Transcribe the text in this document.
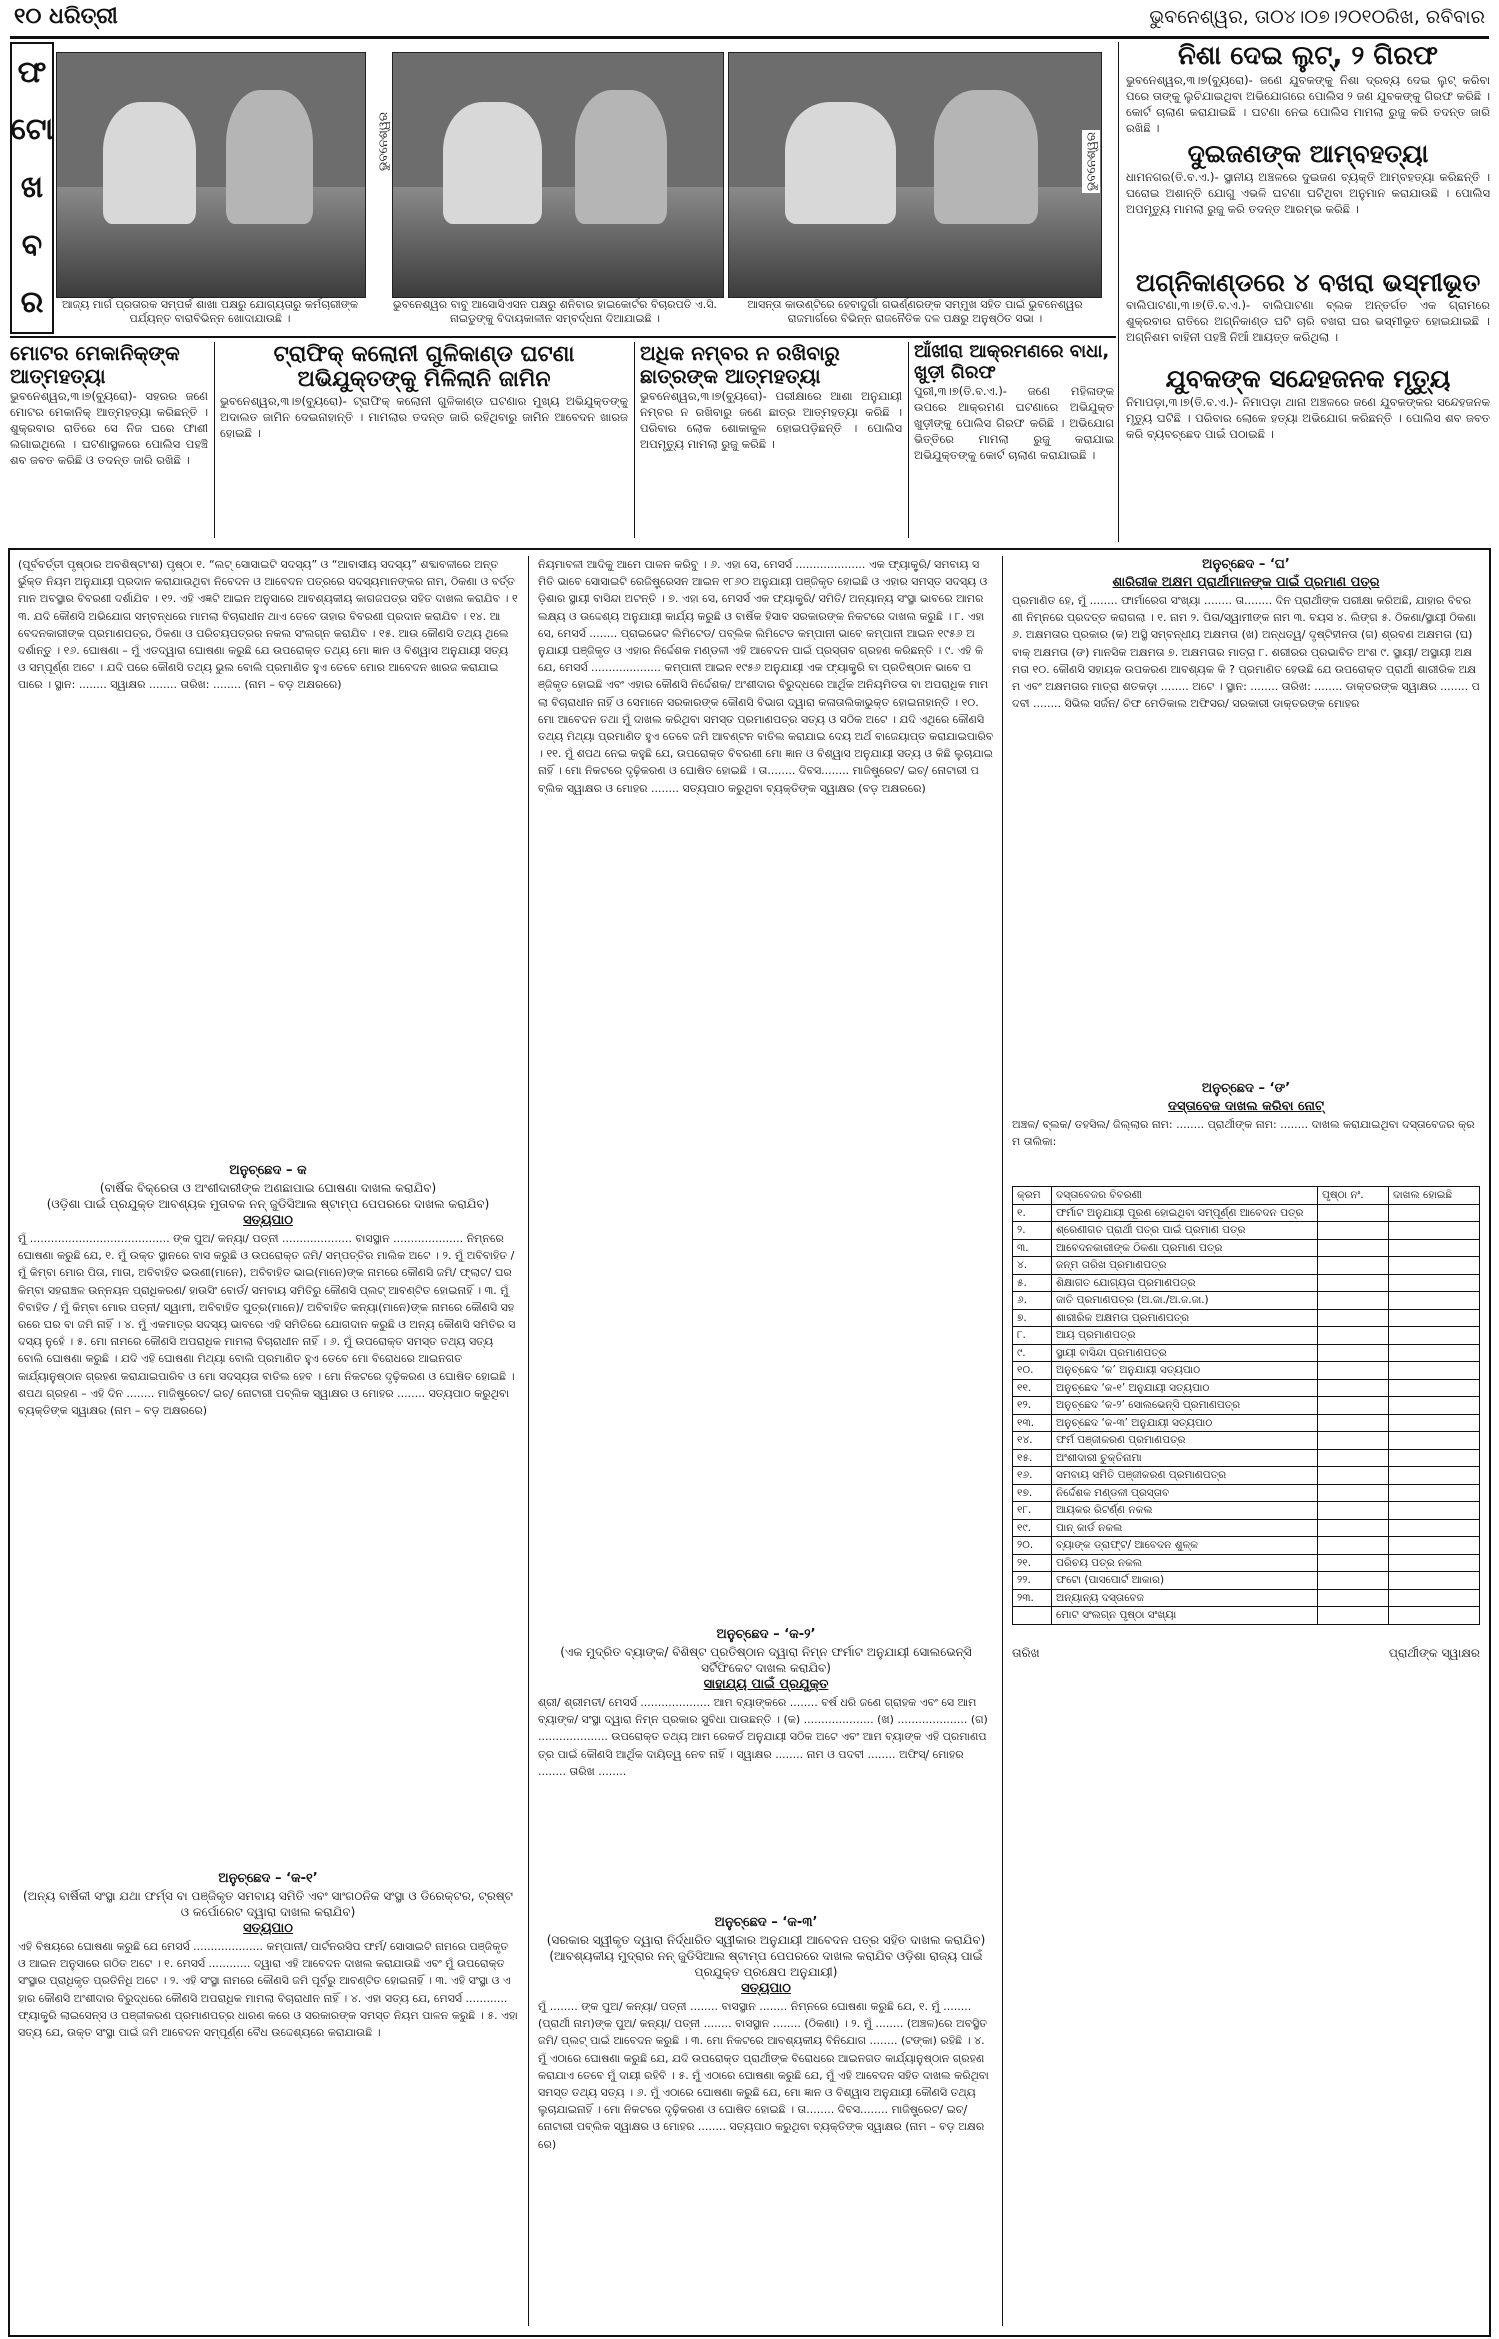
୧୦ ଧରିତ୍ରୀ	ଭୁବନେଶ୍ୱର, ତା୦୪।୦୭।୨୦୧୦ରିଖ, ରବିବାର
ଫ
ଟୋ
ଖ
ବ
ର	ଆଜ୍ୟ ମାର୍ଗ ପ୍ରତାରକ ସମ୍ପର୍କ ଶାଖା ପକ୍ଷରୁ ଯୋଗ୍ୟତାରୁ କର୍ମଚାରୀଙ୍କ ପର୍ଯ୍ୟନ୍ତ ବାରାବିଭିନ୍ନ ଖୋଦାଯାଉଛି ।
ଭୁବନେଶ୍ୱର
ଭୁବନେଶ୍ୱର ବାବୁ ଆସୋସିଏସନ ପକ୍ଷରୁ ଶନିବାର ହାଇକୋର୍ଟର ବିଚାରପତି ଏ.ସି. ନାଇଡୁଙ୍କୁ ବିଦାୟକାଳୀନ ସମ୍ବର୍ଦ୍ଧନା ଦିଆଯାଇଛି ।
ଭୁବନେଶ୍ୱର
ଆସନ୍ତା କାଉଣ୍ଟିରେ ହେବାଦୁର୍ଗା ଗଭର୍ଣ୍ଣରଙ୍କ ସମ୍ମୁଖ ସହିତ ପାଇଁ ଭୁବନେଶ୍ୱର ରାଜମାର୍ଗରେ ବିଭିନ୍ନ ରାଜନୈତିକ ଦଳ ପକ୍ଷରୁ ଅନୁଷ୍ଠିତ ସଭା ।
ନିଶା ଦେଇ ଲୁଟ୍‌, ୨ ଗିରଫ
ଭୁବନେଶ୍ୱର,୩।୭(ବ୍ୟୁରୋ)- ଜଣେ ଯୁବକଙ୍କୁ ନିଶା ଦ୍ରବ୍ୟ ଦେଇ ଲୁଟ୍‌ କରିବା ପରେ ତାଙ୍କୁ ଲୁଚିଯାଇଥିବା ଅଭିଯୋଗରେ ପୋଲିସ ୨ ଜଣ ଯୁବକଙ୍କୁ ଗିରଫ କରିଛି । କୋର୍ଟ ଚାଲାଣ କରାଯାଇଛି । ଘଟଣା ନେଇ ପୋଲିସ ମାମଲା ରୁଜୁ କରି ତଦନ୍ତ ଜାରି ରଖିଛି ।
ଦୁଇଜଣଙ୍କ ଆମ୍ବହତ୍ୟା
ଧାମନଗର(ତି.ବ.ଏ.)- ସ୍ଥାନୀୟ ଅଞ୍ଚଳରେ ଦୁଇଜଣ ବ୍ୟକ୍ତି ଆମ୍ବହତ୍ୟା କରିଛନ୍ତି । ଘରୋଇ ଅଶାନ୍ତି ଯୋଗୁ ଏଭଳି ଘଟଣା ଘଟିଥିବା ଅନୁମାନ କରାଯାଉଛି । ପୋଲିସ ଅପମୃତ୍ୟୁ ମାମଲା ରୁଜୁ କରି ତଦନ୍ତ ଆରମ୍ଭ କରିଛି ।
ଅଗ୍ନିକାଣ୍ଡରେ ୪ ବଖରା ଭସ୍ମୀଭୂତ
ବାଲିପାଟଣା,୩।୭(ତି.ବ.ଏ.)- ବାଲିପାଟଣା ବ୍ଲକ ଅନ୍ତର୍ଗତ ଏକ ଗ୍ରାମରେ ଶୁକ୍ରବାର ରାତିରେ ଅଗ୍ନିକାଣ୍ଡ ଘଟି ଚାରି ବଖରା ଘର ଭସ୍ମୀଭୂତ ହୋଇଯାଇଛି । ଅଗ୍ନିଶମ ବାହିନୀ ପହଞ୍ଚି ନିଆଁ ଆୟତ୍ତ କରିଥିଲା ।
ଯୁବକଙ୍କ ସନ୍ଦେହଜନକ ମୃତ୍ୟୁ
ନିମାପଡ଼ା,୩।୭(ତି.ବ.ଏ.)- ନିମାପଡ଼ା ଥାନା ଅଞ୍ଚଳରେ ଜଣେ ଯୁବକଙ୍କର ସନ୍ଦେହଜନକ ମୃତ୍ୟୁ ଘଟିଛି । ପରିବାର ଲୋକେ ହତ୍ୟା ଅଭିଯୋଗ କରିଛନ୍ତି । ପୋଲିସ ଶବ ଜବତ କରି ବ୍ୟବଚ୍ଛେଦ ପାଇଁ ପଠାଇଛି ।
ମୋଟର ମେକାନିକ୍‌ଙ୍କ ଆତ୍ମହତ୍ୟା
ଭୁବନେଶ୍ୱର,୩।୭(ବ୍ୟୁରୋ)- ସହରର ଜଣେ ମୋଟର ମେକାନିକ୍‌ ଆତ୍ମହତ୍ୟା କରିଛନ୍ତି । ଶୁକ୍ରବାର ରାତିରେ ସେ ନିଜ ଘରେ ଫାଶୀ ଲଗାଇଥିଲେ । ଘଟଣାସ୍ଥଳରେ ପୋଲିସ ପହଞ୍ଚି ଶବ ଜବତ କରିଛି ଓ ତଦନ୍ତ ଜାରି ରଖିଛି ।
ଟ୍ରାଫିକ୍‌ କଲୋନୀ ଗୁଳିକାଣ୍ଡ ଘଟଣା ଅଭିଯୁକ୍ତଙ୍କୁ ମିଳିଲାନି ଜାମିନ
ଭୁବନେଶ୍ୱର,୩।୭(ବ୍ୟୁରୋ)- ଟ୍ରାଫିକ୍‌ କଲୋନୀ ଗୁଳିକାଣ୍ଡ ଘଟଣାର ମୁଖ୍ୟ ଅଭିଯୁକ୍ତଙ୍କୁ ଅଦାଲତ ଜାମିନ ଦେଇନାହାନ୍ତି । ମାମଲାର ତଦନ୍ତ ଜାରି ରହିଥିବାରୁ ଜାମିନ ଆବେଦନ ଖାରଜ ହୋଇଛି ।
ଅଧିକ ନମ୍ବର ନ ରଖିବାରୁ ଛାତ୍ରଙ୍କ ଆତ୍ମହତ୍ୟା
ଭୁବନେଶ୍ୱର,୩।୭(ବ୍ୟୁରୋ)- ପରୀକ୍ଷାରେ ଆଶା ଅନୁଯାୟୀ ନମ୍ବର ନ ରଖିବାରୁ ଜଣେ ଛାତ୍ର ଆତ୍ମହତ୍ୟା କରିଛି । ପରିବାର ଲୋକ ଶୋକାକୁଳ ହୋଇପଡ଼ିଛନ୍ତି । ପୋଲିସ ଅପମୃତ୍ୟୁ ମାମଲା ରୁଜୁ କରିଛି ।
ଆଁଖୀରା ଆକ୍ରମଣରେ ବାଧା, ଖୁଡ଼ୀ ଗିରଫ
ପୁରୀ,୩।୭(ତି.ବ.ଏ.)- ଜଣେ ମହିଳାଙ୍କ ଉପରେ ଆକ୍ରମଣ ଘଟଣାରେ ଅଭିଯୁକ୍ତ ଖୁଡ଼ୀଙ୍କୁ ପୋଲିସ ଗିରଫ କରିଛି । ଅଭିଯୋଗ ଭିତ୍ତିରେ ମାମଲା ରୁଜୁ କରାଯାଇ ଅଭିଯୁକ୍ତଙ୍କୁ କୋର୍ଟ ଚାଲାଣ କରାଯାଇଛି ।
(ପୂର୍ବବର୍ତ୍ତୀ ପୃଷ୍ଠାର ଅବଶିଷ୍ଟାଂଶ) ପୃଷ୍ଠା ୧. “ଲଟ୍‌ ସୋସାଇଟି ସଦସ୍ୟ” ଓ “ଆବାସୀୟ ସଦସ୍ୟ” ଶବ୍ଦାବଳୀରେ ଅନ୍ତର୍ଭୁକ୍ତ ନିୟମ ଅନୁଯାୟୀ ପ୍ରଦାନ କରାଯାଉଥିବା ନିବେଦନ ଓ ଆବେଦନ ପତ୍ରରେ ସଦସ୍ୟମାନଙ୍କର ନାମ, ଠିକଣା ଓ ବର୍ତ୍ତମାନ ଅବସ୍ଥାର ବିବରଣୀ ଦର୍ଶାଯିବ । ୧୨. ଏହି ଏଜ୍ଞଟି ଆଇନ ଅନୁସାରେ ଆବଶ୍ୟକୀୟ କାଗଜପତ୍ର ସହିତ ଦାଖଲ କରାଯିବ । ୧୩. ଯଦି କୌଣସି ଅଭିଯୋଗ ସମ୍ବନ୍ଧରେ ମାମଲା ବିଚାରାଧୀନ ଥାଏ ତେବେ ତାହାର ବିବରଣୀ ପ୍ରଦାନ କରାଯିବ । ୧୪. ଆବେଦନକାରୀଙ୍କ ପ୍ରମାଣପତ୍ର, ଠିକଣା ଓ ପରିଚୟପତ୍ରର ନକଲ ସଂଲଗ୍ନ କରାଯିବ । ୧୫. ଆଉ କୌଣସି ତଥ୍ୟ ଥିଲେ ଦର୍ଶାନ୍ତୁ । ୧୬. ଘୋଷଣା – ମୁଁ ଏତଦ୍ୱାରା ଘୋଷଣା କରୁଛି ଯେ ଉପରୋକ୍ତ ତଥ୍ୟ ମୋ ଜ୍ଞାନ ଓ ବିଶ୍ୱାସ ଅନୁଯାୟୀ ସତ୍ୟ ଓ ସମ୍ପୂର୍ଣ୍ଣ ଅଟେ । ଯଦି ପରେ କୌଣସି ତଥ୍ୟ ଭୁଲ ବୋଲି ପ୍ରମାଣିତ ହୁଏ ତେବେ ମୋର ଆବେଦନ ଖାରଜ କରାଯାଇପାରେ । ସ୍ଥାନ: ........ ସ୍ୱାକ୍ଷର ........ ତାରିଖ: ........ (ନାମ – ବଡ଼ ଅକ୍ଷରରେ)
ଅନୁଚ୍ଛେଦ – କ
(ବାର୍ଷିକ ବିକ୍ରେତା ଓ ଅଂଶୀଦାରୀଙ୍କ ଅଣଛାପାଇ ଘୋଷଣା ଦାଖଲ କରାଯିବ)
(ଓଡ଼ିଶା ପାଇଁ ପ୍ରଯୁକ୍ତ ଆବଶ୍ୟକ ମୁତାବକ ନନ୍‌ ଜୁଡିସିଆଲ ଷ୍ଟାମ୍ପ ପେପରରେ ଦାଖଲ କରାଯିବ)
ସତ୍ୟପାଠ
ମୁଁ ........................................ ଙ୍କ ପୁଅ/ କନ୍ୟା/ ପତ୍ନୀ .................... ବାସସ୍ଥାନ .................... ନିମ୍ନରେ ଘୋଷଣା କରୁଛି ଯେ, ୧. ମୁଁ ଉକ୍ତ ସ୍ଥାନରେ ବାସ କରୁଛି ଓ ଉପରୋକ୍ତ ଜମି/ ସମ୍ପତ୍ତିର ମାଲିକ ଅଟେ । ୨. ମୁଁ ଅବିବାହିତ / ମୁଁ କିମ୍ବା ମୋର ପିତା, ମାତା, ଅବିବାହିତ ଭଉଣୀ(ମାନେ), ଅବିବାହିତ ଭାଇ(ମାନେ)ଙ୍କ ନାମରେ କୌଣସି ଜମି/ ଫ୍ଲାଟ/ ଘର କିମ୍ବା ସହରାଞ୍ଚଳ ଉନ୍ନୟନ ପ୍ରାଧିକରଣ/ ହାଉସିଂ ବୋର୍ଡ/ ସମବାୟ ସମିତିରୁ କୌଣସି ପ୍ଲଟ୍‌ ଆବଣ୍ଟିତ ହୋଇନାହିଁ । ୩. ମୁଁ ବିବାହିତ / ମୁଁ କିମ୍ବା ମୋର ପତ୍ନୀ/ ସ୍ୱାମୀ, ଅବିବାହିତ ପୁତ୍ର(ମାନେ)/ ଅବିବାହିତ କନ୍ୟା(ମାନେ)ଙ୍କ ନାମରେ କୌଣସି ସହରରେ ଘର ବା ଜମି ନାହିଁ । ୪. ମୁଁ ଏକମାତ୍ର ସଦସ୍ୟ ଭାବରେ ଏହି ସମିତିରେ ଯୋଗଦାନ କରୁଛି ଓ ଅନ୍ୟ କୌଣସି ସମିତିର ସଦସ୍ୟ ନୁହେଁ । ୫. ମୋ ନାମରେ କୌଣସି ଅପରାଧିକ ମାମଲା ବିଚାରାଧୀନ ନାହିଁ । ୬. ମୁଁ ଉପରୋକ୍ତ ସମସ୍ତ ତଥ୍ୟ ସତ୍ୟ ବୋଲି ଘୋଷଣା କରୁଛି । ଯଦି ଏହି ଘୋଷଣା ମିଥ୍ୟା ବୋଲି ପ୍ରମାଣିତ ହୁଏ ତେବେ ମୋ ବିରୋଧରେ ଆଇନଗତ କାର୍ଯ୍ୟାନୁଷ୍ଠାନ ଗ୍ରହଣ କରାଯାଇପାରିବ ଓ ମୋ ସଦସ୍ୟତା ବାତିଲ ହେବ । ମୋ ନିକଟରେ ଦୃଢ଼ିକରଣ ଓ ଘୋଷିତ ହୋଇଛି । ଶପଥ ଗ୍ରହଣ – ଏହି ଦିନ ........ ମାଜିଷ୍ଟ୍ରେଟ/ ଇଚ୍‌/ ନୋଟାରୀ ପବ୍ଲିକ ସ୍ୱାକ୍ଷର ଓ ମୋହର ........ ସତ୍ୟପାଠ କରୁଥିବା ବ୍ୟକ୍ତିଙ୍କ ସ୍ୱାକ୍ଷର (ନାମ – ବଡ଼ ଅକ୍ଷରରେ)
ଅନୁଚ୍ଛେଦ – ‘କ-୧’
(ଅନ୍ୟ ବାର୍ଷିକୀ ସଂସ୍ଥା ଯଥା ଫର୍ମ୍ସ ବା ପଞ୍ଜିକୃତ ସମବାୟ ସମିତି ଏବଂ ସାଂଗଠନିକ ସଂସ୍ଥା ଓ ଡିରେକ୍ଟର, ଟ୍ରଷ୍ଟ ଓ କର୍ପୋରେଟ ଦ୍ୱାରା ଦାଖଲ କରାଯିବ)
ସତ୍ୟପାଠ
ଏହି ବିଷୟରେ ଘୋଷଣା କରୁଛି ଯେ ମେସର୍ସ .................... କମ୍ପାନୀ/ ପାର୍ଟନରସିପ ଫର୍ମ/ ସୋସାଇଟି ନାମରେ ପଞ୍ଜିକୃତ ଓ ଆଇନ ଅନୁସାରେ ଗଠିତ ଅଟେ । ୧. ମେସର୍ସ ............ ଦ୍ୱାରା ଏହି ଆବେଦନ ଦାଖଲ କରାଯାଉଛି ଏବଂ ମୁଁ ଉପରୋକ୍ତ ସଂସ୍ଥାର ପ୍ରାଧିକୃତ ପ୍ରତିନିଧି ଅଟେ । ୨. ଏହି ସଂସ୍ଥା ନାମରେ କୌଣସି ଜମି ପୂର୍ବରୁ ଆବଣ୍ଟିତ ହୋଇନାହିଁ । ୩. ଏହି ସଂସ୍ଥା ଓ ଏହାର କୌଣସି ଅଂଶୀଦାର ବିରୁଦ୍ଧରେ କୌଣସି ଅପରାଧିକ ମାମଲା ବିଚାରାଧୀନ ନାହିଁ । ୪. ଏହା ସତ୍ୟ ଯେ, ମେସର୍ସ ............ ଫ୍ୟାକ୍ଟ୍ରି ଲାଇସେନ୍ସ ଓ ପଞ୍ଜୀକରଣ ପ୍ରମାଣପତ୍ର ଧାରଣ କରେ ଓ ସରକାରଙ୍କ ସମସ୍ତ ନିୟମ ପାଳନ କରୁଛି । ୫. ଏହା ସତ୍ୟ ଯେ, ଉକ୍ତ ସଂସ୍ଥା ପାଇଁ ଜମି ଆବେଦନ ସମ୍ପୂର୍ଣ୍ଣ ବୈଧ ଉଦ୍ଦେଶ୍ୟରେ କରାଯାଉଛି ।
ନିୟମାବଳୀ ଆଦିକୁ ଆମେ ପାଳନ କରିବୁ । ୬. ଏହା ସେ, ମେସର୍ସ .................... ଏକ ଫ୍ୟାକ୍ଟ୍ରି/ ସମବାୟ ସମିତି ଭାବେ ସୋସାଇଟି ରେଜିଷ୍ଟ୍ରେସନ ଆଇନ ୧୮୬୦ ଅନୁଯାୟୀ ପଞ୍ଜିକୃତ ହୋଇଛି ଓ ଏହାର ସମସ୍ତ ସଦସ୍ୟ ଓଡ଼ିଶାର ସ୍ଥାୟୀ ବାସିନ୍ଦା ଅଟନ୍ତି । ୭. ଏହା ସେ, ମେସର୍ସ ଏକ ଫ୍ୟାକ୍ଟ୍ରି/ ସମିତି/ ଅନ୍ୟାନ୍ୟ ସଂସ୍ଥା ଭାବରେ ଆମର ଲକ୍ଷ୍ୟ ଓ ଉଦ୍ଦେଶ୍ୟ ଅନୁଯାୟୀ କାର୍ଯ୍ୟ କରୁଛି ଓ ବାର୍ଷିକ ହିସାବ ସରକାରଙ୍କ ନିକଟରେ ଦାଖଲ କରୁଛି । ୮. ଏହା ସେ, ମେସର୍ସ ........ ପ୍ରାଇଭେଟ ଲିମିଟେଡ/ ପବ୍ଲିକ ଲିମିଟେଡ କମ୍ପାନୀ ଭାବେ କମ୍ପାନୀ ଆଇନ ୧୯୫୬ ଅନୁଯାୟୀ ପଞ୍ଜିକୃତ ଓ ଏହାର ନିର୍ଦ୍ଦେଶକ ମଣ୍ଡଳୀ ଏହି ଆବେଦନ ପାଇଁ ପ୍ରସ୍ତାବ ଗ୍ରହଣ କରିଛନ୍ତି । ୯. ଏହି କି ଯେ, ମେସର୍ସ .................... କମ୍ପାନୀ ଆଇନ ୧୯୫୬ ଅନୁଯାୟୀ ଏକ ଫ୍ୟାକ୍ଟ୍ରି ବା ପ୍ରତିଷ୍ଠାନ ଭାବେ ପଞ୍ଜିକୃତ ହୋଇଛି ଏବଂ ଏହାର କୌଣସି ନିର୍ଦ୍ଦେଶକ/ ଅଂଶୀଦାର ବିରୁଦ୍ଧରେ ଆର୍ଥିକ ଅନିୟମିତତା ବା ଅପରାଧିକ ମାମଲା ବିଚାରାଧୀନ ନାହିଁ ଓ ସେମାନେ ସରକାରଙ୍କ କୌଣସି ବିଭାଗ ଦ୍ୱାରା କଳାତାଲିକାଭୁକ୍ତ ହୋଇନାହାନ୍ତି । ୧୦. ମୋ ଆବେଦନ ତଥା ମୁଁ ଦାଖଲ କରିଥିବା ସମସ୍ତ ପ୍ରମାଣପତ୍ର ସତ୍ୟ ଓ ସଠିକ ଅଟେ । ଯଦି ଏଥିରେ କୌଣସି ତଥ୍ୟ ମିଥ୍ୟା ପ୍ରମାଣିତ ହୁଏ ତେବେ ଜମି ଆବଣ୍ଟନ ବାତିଲ କରାଯାଇ ଦେୟ ଅର୍ଥ ବାଜେୟାପ୍ତ କରାଯାଇପାରିବ । ୧୧. ମୁଁ ଶପଥ ନେଇ କହୁଛି ଯେ, ଉପରୋକ୍ତ ବିବରଣୀ ମୋ ଜ୍ଞାନ ଓ ବିଶ୍ୱାସ ଅନୁଯାୟୀ ସତ୍ୟ ଓ କିଛି ଲୁଚାଯାଇନାହିଁ । ମୋ ନିକଟରେ ଦୃଢ଼ିକରଣ ଓ ଘୋଷିତ ହୋଇଛି । ତା........ ଦିବସ........ ମାଜିଷ୍ଟ୍ରେଟ/ ଇଚ୍‌/ ନୋଟାରୀ ପବ୍ଲିକ ସ୍ୱାକ୍ଷର ଓ ମୋହର ........ ସତ୍ୟପାଠ କରୁଥିବା ବ୍ୟକ୍ତିଙ୍କ ସ୍ୱାକ୍ଷର (ବଡ଼ ଅକ୍ଷରରେ)
ଅନୁଚ୍ଛେଦ – ‘କ-୨’
(ଏକ ମୁଦ୍ରିତ ବ୍ୟାଙ୍କ/ ବିଶିଷ୍ଟ ପ୍ରତିଷ୍ଠାନ ଦ୍ୱାରା ନିମ୍ନ ଫର୍ମାଟ ଅନୁଯାୟୀ ସୋଲଭେନ୍‌ସି ସର୍ଟିଫିକେଟ ଦାଖଲ କରାଯିବ)
ସାହାଯ୍ୟ ପାଇଁ ପ୍ରଯୁକ୍ତ
ଶ୍ରୀ/ ଶ୍ରୀମତୀ/ ମେସର୍ସ .................... ଆମ ବ୍ୟାଙ୍କରେ ........ ବର୍ଷ ଧରି ଜଣେ ଗ୍ରାହକ ଏବଂ ସେ ଆମ ବ୍ୟାଙ୍କ/ ସଂସ୍ଥା ଦ୍ୱାରା ନିମ୍ନ ପ୍ରକାର ସୁବିଧା ପାଉଛନ୍ତି । (କ) .................... (ଖ) .................... (ଗ) .................... ଉପରୋକ୍ତ ତଥ୍ୟ ଆମ ରେକର୍ଡ ଅନୁଯାୟୀ ସଠିକ ଅଟେ ଏବଂ ଆମ ବ୍ୟାଙ୍କ ଏହି ପ୍ରମାଣପତ୍ର ପାଇଁ କୌଣସି ଆର୍ଥିକ ଦାୟିତ୍ୱ ନେବ ନାହିଁ । ସ୍ୱାକ୍ଷର ........ ନାମ ଓ ପଦବୀ ........ ଅଫିସ୍‌/ ମୋହର ........ ତାରିଖ ........
ଅନୁଚ୍ଛେଦ – ‘କ-୩’
(ସରକାର ସ୍ୱୀକୃତ ଦ୍ୱାରା ନିର୍ଦ୍ଧାରିତ ସ୍ୱୀକାର ଅନୁଯାୟୀ ଆବେଦନ ପତ୍ର ସହିତ ଦାଖଲ କରାଯିବ) (ଆବଶ୍ୟକୀୟ ମୁଦ୍ରାର ନନ୍‌ ଜୁଡିସିଆଲ ଷ୍ଟାମ୍ପ ପେପରରେ ଦାଖଲ କରାଯିବ ଓଡ଼ିଶା ରାଜ୍ୟ ପାଇଁ ପ୍ରଯୁକ୍ତ ପ୍ରକ୍ଷେପ ଅନୁଯାୟୀ)
ସତ୍ୟପାଠ
ମୁଁ ........ ଙ୍କ ପୁଅ/ କନ୍ୟା/ ପତ୍ନୀ ........ ବାସସ୍ଥାନ ........ ନିମ୍ନରେ ଘୋଷଣା କରୁଛି ଯେ, ୧. ମୁଁ ........ (ପ୍ରାର୍ଥୀ ନାମ)ଙ୍କ ପୁଅ/ କନ୍ୟା/ ପତ୍ନୀ ........ ବାସସ୍ଥାନ ........ (ଠିକଣା) । ୨. ମୁଁ ........ (ଅଞ୍ଚଳ)ରେ ଅବସ୍ଥିତ ଜମି/ ପ୍ଲଟ୍‌ ପାଇଁ ଆବେଦନ କରୁଛି । ୩. ମୋ ନିକଟରେ ଆବଶ୍ୟକୀୟ ବିନିଯୋଗ ........ (ଟଙ୍କା) ରହିଛି । ୪. ମୁଁ ଏଠାରେ ଘୋଷଣା କରୁଛି ଯେ, ଯଦି ଉପରୋକ୍ତ ପ୍ରାର୍ଥୀଙ୍କ ବିରୋଧରେ ଆଇନଗତ କାର୍ଯ୍ୟାନୁଷ୍ଠାନ ଗ୍ରହଣ କରାଯାଏ ତେବେ ମୁଁ ଦାୟୀ ରହିବି । ୫. ମୁଁ ଏଠାରେ ଘୋଷଣା କରୁଛି ଯେ, ମୁଁ ଏହି ଆବେଦନ ସହିତ ଦାଖଲ କରିଥିବା ସମସ୍ତ ତଥ୍ୟ ସତ୍ୟ । ୬. ମୁଁ ଏଠାରେ ଘୋଷଣା କରୁଛି ଯେ, ମୋ ଜ୍ଞାନ ଓ ବିଶ୍ୱାସ ଅନୁଯାୟୀ କୌଣସି ତଥ୍ୟ ଲୁଚାଯାଇନାହିଁ । ମୋ ନିକଟରେ ଦୃଢ଼ିକରଣ ଓ ଘୋଷିତ ହୋଇଛି । ତା........ ଦିବସ........ ମାଜିଷ୍ଟ୍ରେଟ/ ଇଚ୍‌/ ନୋଟାରୀ ପବ୍ଲିକ ସ୍ୱାକ୍ଷର ଓ ମୋହର ........ ସତ୍ୟପାଠ କରୁଥିବା ବ୍ୟକ୍ତିଙ୍କ ସ୍ୱାକ୍ଷର (ନାମ – ବଡ଼ ଅକ୍ଷରରେ)
ଅନୁଚ୍ଛେଦ – ‘ଘ’
ଶାରିରୀକ ଅକ୍ଷମ ପ୍ରାର୍ଥୀମାନଙ୍କ ପାଇଁ ପ୍ରମାଣ ପତ୍ର
ପ୍ରମାଣିତ ହେ, ମୁଁ ........ ଫାର୍ମାରେଗ ସଂଖ୍ୟା ........ ତା........ ଦିନ ପ୍ରାର୍ଥୀଙ୍କ ପରୀକ୍ଷା କରିଅଛି, ଯାହାର ବିବରଣୀ ନିମ୍ନରେ ପ୍ରଦତ୍ତ କରାଗଲା । ୧. ନାମ ୨. ପିତା/ସ୍ୱାମୀଙ୍କ ନାମ ୩. ବୟସ ୪. ଲିଙ୍ଗ ୫. ଠିକଣା/ସ୍ଥାୟୀ ଠିକଣା ୬. ଅକ୍ଷମତାର ପ୍ରକାର (କ) ଅସ୍ଥି ସମ୍ବନ୍ଧୀୟ ଅକ୍ଷମତା (ଖ) ଅନ୍ଧତ୍ୱ/ ଦୃଷ୍ଟିହୀନତା (ଗ) ଶ୍ରବଣ ଅକ୍ଷମତା (ଘ) ବାକ୍‌ ଅକ୍ଷମତା (ଙ) ମାନସିକ ଅକ୍ଷମତା ୭. ଅକ୍ଷମତାର ମାତ୍ରା ୮. ଶରୀରର ପ୍ରଭାବିତ ଅଂଶ ୯. ସ୍ଥାୟୀ/ ଅସ୍ଥାୟୀ ଅକ୍ଷମତା ୧୦. କୌଣସି ସହାୟକ ଉପକରଣ ଆବଶ୍ୟକ କି ? ପ୍ରମାଣିତ ହେଉଛି ଯେ ଉପରୋକ୍ତ ପ୍ରାର୍ଥୀ ଶାରୀରିକ ଅକ୍ଷମ ଏବଂ ଅକ୍ଷମତାର ମାତ୍ରା ଶତକଡ଼ା ........ ଅଟେ । ସ୍ଥାନ: ........ ତାରିଖ: ........ ଡାକ୍ତରଙ୍କ ସ୍ୱାକ୍ଷର ........ ପଦବୀ ........ ସିଭିଲ ସର୍ଜନ/ ଚିଫ ମେଡିକାଲ ଅଫିସର/ ସରକାରୀ ଡାକ୍ତରଙ୍କ ମୋହର
ଅନୁଚ୍ଛେଦ – ‘ଙ’
ଦସ୍ତାବେଜ ଦାଖଲ କରିବା ନୋଟ୍‌
ଅଞ୍ଚଳ/ ବ୍ଲକ/ ତହସିଲ/ ଜିଲ୍ଲାର ନାମ: ........ ପ୍ରାର୍ଥୀଙ୍କ ନାମ: ........ ଦାଖଲ କରାଯାଇଥିବା ଦସ୍ତାବେଜର କ୍ରମ ତାଲିକା:
କ୍ରମ	ଦସ୍ତାବେଜର ବିବରଣୀ	ପୃଷ୍ଠା ନଂ.	ଦାଖଲ ହୋଇଛି
୧.	ଫର୍ମାଟ ଅନୁଯାୟୀ ପୂରଣ ହୋଇଥିବା ସମ୍ପୂର୍ଣ୍ଣ ଆବେଦନ ପତ୍ର		
୨.	ଶ୍ରେଣୀଗତ ପ୍ରାର୍ଥୀ ପତ୍ର ପାଇଁ ପ୍ରମାଣ ପତ୍ର		
୩.	ଆବେଦନକାରୀଙ୍କ ଠିକଣା ପ୍ରମାଣ ପତ୍ର		
୪.	ଜନ୍ମ ତାରିଖ ପ୍ରମାଣପତ୍ର		
୫.	ଶିକ୍ଷାଗତ ଯୋଗ୍ୟତା ପ୍ରମାଣପତ୍ର		
୬.	ଜାତି ପ୍ରମାଣପତ୍ର (ଅ.ଜା./ଅ.ଜ.ଜା.)		
୭.	ଶାରୀରିକ ଅକ୍ଷମତା ପ୍ରମାଣପତ୍ର		
୮.	ଆୟ ପ୍ରମାଣପତ୍ର		
୯.	ସ୍ଥାୟୀ ବାସିନ୍ଦା ପ୍ରମାଣପତ୍ର		
୧୦.	ଅନୁଚ୍ଛେଦ ‘କ’ ଅନୁଯାୟୀ ସତ୍ୟପାଠ		
୧୧.	ଅନୁଚ୍ଛେଦ ‘କ-୧’ ଅନୁଯାୟୀ ସତ୍ୟପାଠ		
୧୨.	ଅନୁଚ୍ଛେଦ ‘କ-୨’ ସୋଲଭେନ୍‌ସି ପ୍ରମାଣପତ୍ର		
୧୩.	ଅନୁଚ୍ଛେଦ ‘କ-୩’ ଅନୁଯାୟୀ ସତ୍ୟପାଠ		
୧୪.	ଫର୍ମ ପଞ୍ଜୀକରଣ ପ୍ରମାଣପତ୍ର		
୧୫.	ଅଂଶୀଦାରୀ ଚୁକ୍ତିନାମା		
୧୬.	ସମବାୟ ସମିତି ପଞ୍ଜୀକରଣ ପ୍ରମାଣପତ୍ର		
୧୭.	ନିର୍ଦ୍ଦେଶକ ମଣ୍ଡଳୀ ପ୍ରସ୍ତାବ		
୧୮.	ଆୟକର ରିଟର୍ଣ୍ଣ ନକଲ		
୧୯.	ପାନ୍‌ କାର୍ଡ ନକଲ		
୨୦.	ବ୍ୟାଙ୍କ ଡ୍ରାଫ୍ଟ/ ଆବେଦନ ଶୁଳ୍କ		
୨୧.	ପରିଚୟ ପତ୍ର ନକଲ		
୨୨.	ଫଟୋ (ପାସପୋର୍ଟ ଆକାର)		
୨୩.	ଅନ୍ୟାନ୍ୟ ଦସ୍ତାବେଜ		
	ମୋଟ ସଂଲଗ୍ନ ପୃଷ୍ଠା ସଂଖ୍ୟା		
ତାରିଖ	ପ୍ରାର୍ଥୀଙ୍କ ସ୍ୱାକ୍ଷର
